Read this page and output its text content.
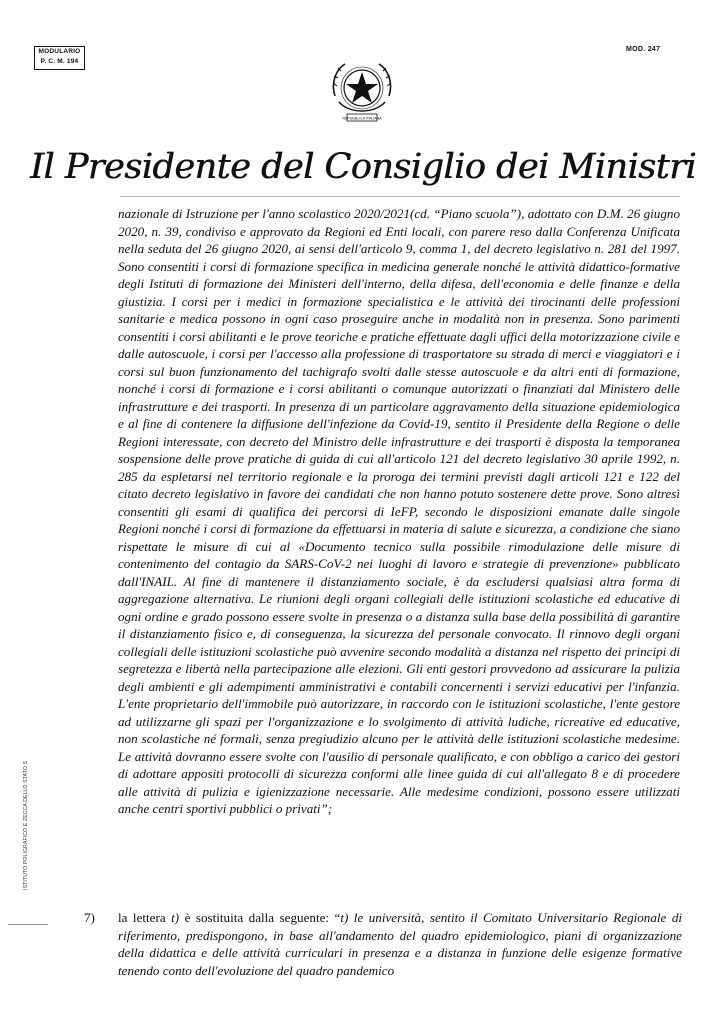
MODULARIO
P. C. M. 194
MOD. 247
REPUBBLICA ITALIANA
Il Presidente del Consiglio dei Ministri
ISTITUTO POLIGRAFICO E ZECCA DELLO STATO S

nazionale di Istruzione per l'anno scolastico 2020/2021(cd. “Piano scuola”), adottato con D.M. 26 giugno 2020, n. 39, condiviso e approvato da Regioni ed Enti locali, con parere reso dalla Conferenza Unificata nella seduta del 26 giugno 2020, ai sensi dell'articolo 9, comma 1, del decreto legislativo n. 281 del 1997. Sono consentiti i corsi di formazione specifica in medicina generale nonché le attività didattico-formative degli Istituti di formazione dei Ministeri dell'interno, della difesa, dell'economia e delle finanze e della giustizia. I corsi per i medici in formazione specialistica e le attività dei tirocinanti delle professioni sanitarie e medica possono in ogni caso proseguire anche in modalità non in presenza. Sono parimenti consentiti i corsi abilitanti e le prove teoriche e pratiche effettuate dagli uffici della motorizzazione civile e dalle autoscuole, i corsi per l'accesso alla professione di trasportatore su strada di merci e viaggiatori e i corsi sul buon funzionamento del tachigrafo svolti dalle stesse autoscuole e da altri enti di formazione, nonché i corsi di formazione e i corsi abilitanti o comunque autorizzati o finanziati dal Ministero delle infrastrutture e dei trasporti. In presenza di un particolare aggravamento della situazione epidemiologica e al fine di contenere la diffusione dell'infezione da Covid-19, sentito il Presidente della Regione o delle Regioni interessate, con decreto del Ministro delle infrastrutture e dei trasporti è disposta la temporanea sospensione delle prove pratiche di guida di cui all'articolo 121 del decreto legislativo 30 aprile 1992, n. 285 da espletarsi nel territorio regionale e la proroga dei termini previsti dagli articoli 121 e 122 del citato decreto legislativo in favore dei candidati che non hanno potuto sostenere dette prove. Sono altresì consentiti gli esami di qualifica dei percorsi di IeFP, secondo le disposizioni emanate dalle singole Regioni nonché i corsi di formazione da effettuarsi in materia di salute e sicurezza, a condizione che siano rispettate le misure di cui al «Documento tecnico sulla possibile rimodulazione delle misure di contenimento del contagio da SARS-CoV-2 nei luoghi di lavoro e strategie di prevenzione» pubblicato dall'INAIL. Al fine di mantenere il distanziamento sociale, è da escludersi qualsiasi altra forma di aggregazione alternativa. Le riunioni degli organi collegiali delle istituzioni scolastiche ed educative di ogni ordine e grado possono essere svolte in presenza o a distanza sulla base della possibilità di garantire il distanziamento fisico e, di conseguenza, la sicurezza del personale convocato. Il rinnovo degli organi collegiali delle istituzioni scolastiche può avvenire secondo modalità a distanza nel rispetto dei principi di segretezza e libertà nella partecipazione alle elezioni. Gli enti gestori provvedono ad assicurare la pulizia degli ambienti e gli adempimenti amministrativi e contabili concernenti i servizi educativi per l'infanzia. L'ente proprietario dell'immobile può autorizzare, in raccordo con le istituzioni scolastiche, l'ente gestore ad utilizzarne gli spazi per l'organizzazione e lo svolgimento di attività ludiche, ricreative ed educative, non scolastiche né formali, senza pregiudizio alcuno per le attività delle istituzioni scolastiche medesime. Le attività dovranno essere svolte con l'ausilio di personale qualificato, e con obbligo a carico dei gestori di adottare appositi protocolli di sicurezza conformi alle linee guida di cui all'allegato 8 e di procedere alle attività di pulizia e igienizzazione necessarie. Alle medesime condizioni, possono essere utilizzati anche centri sportivi pubblici o privati”;

7) la lettera t) è sostituita dalla seguente: “t) le università, sentito il Comitato Universitario Regionale di riferimento, predispongono, in base all'andamento del quadro epidemiologico, piani di organizzazione della didattica e delle attività curriculari in presenza e a distanza in funzione delle esigenze formative tenendo conto dell'evoluzione del quadro pandemico
